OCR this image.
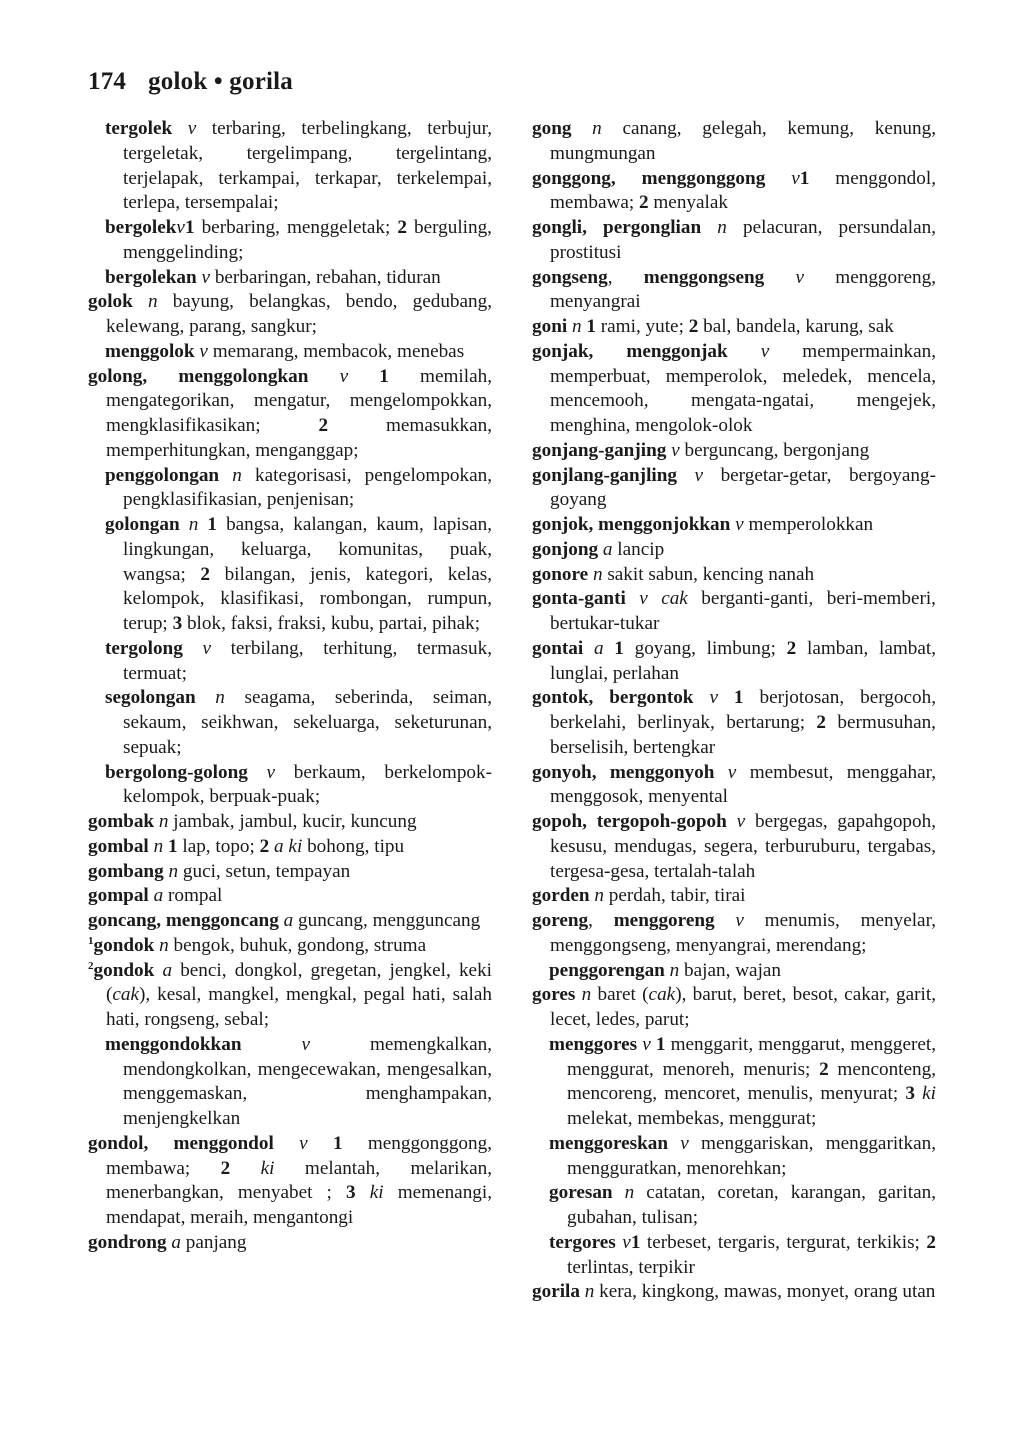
174 golok • gorila

tergolek v terbaring, terbelingkang, terbujur, tergeletak, tergelimpang, tergelintang, terjelapak, terkampai, terkapar, terkelempai, terlepa, tersempalai;

bergolekv1 berbaring, menggeletak; 2 berguling, menggelinding;

bergolekan v berbaringan, rebahan, tiduran

golok n bayung, belangkas, bendo, gedubang, kelewang, parang, sangkur;

menggolok v memarang, membacok, menebas

golong, menggolongkan v 1 memilah, mengategorikan, mengatur, mengelompokkan, mengklasifikasikan; 2 memasukkan, memperhitungkan, menganggap;

penggolongan n kategorisasi, pengelompokan, pengklasifikasian, penjenisan;

golongan n 1 bangsa, kalangan, kaum, lapisan, lingkungan, keluarga, komunitas, puak, wangsa; 2 bilangan, jenis, kategori, kelas, kelompok, klasifikasi, rombongan, rumpun, terup; 3 blok, faksi, fraksi, kubu, partai, pihak;

tergolong v terbilang, terhitung, termasuk, termuat;

segolongan n seagama, seberinda, seiman, sekaum, seikhwan, sekeluarga, seketurunan, sepuak;

bergolong-golong v berkaum, berkelompok-kelompok, berpuak-puak;

gombak n jambak, jambul, kucir, kuncung

gombal n 1 lap, topo; 2 a ki bohong, tipu

gombang n guci, setun, tempayan

gompal a rompal

goncang, menggoncang a guncang, mengguncang

$^1$gondok n bengok, buhuk, gondong, struma

$^2$gondok a benci, dongkol, gregetan, jengkel, keki (cak), kesal, mangkel, mengkal, pegal hati, salah hati, rongseng, sebal;

menggondokkan	v memengkalkan, mendongkolkan, mengecewakan, mengesalkan, menggemaskan, menghampakan, menjengkelkan

gondol, menggondol v 1 menggonggong, membawa; 2 ki melantah, melarikan, menerbangkan, menyabet ; 3 ki memenangi, mendapat, meraih, mengantongi

gondrong a panjang

gong n canang, gelegah, kemung, kenung, mungmungan

gonggong, menggonggong v1 menggondol, membawa; 2 menyalak

gongli, pergonglian n pelacuran, persundalan, prostitusi

gongseng, menggongseng v menggoreng, menyangrai

goni n 1 rami, yute; 2 bal, bandela, karung, sak

gonjak, menggonjak v mempermainkan, memperbuat, memperolok, meledek, mencela, mencemooh, mengata-ngatai, mengejek, menghina, mengolok-olok

gonjang-ganjing v berguncang, bergonjang

gonjlang-ganjling v bergetar-getar, bergoyang-goyang

gonjok, menggonjokkan v memperolokkan

gonjong a lancip

gonore n sakit sabun, kencing nanah

gonta-ganti v cak berganti-ganti, beri-memberi, bertukar-tukar

gontai a 1 goyang, limbung; 2 lamban, lambat, lunglai, perlahan

gontok, bergontok v 1 berjotosan, bergocoh, berkelahi, berlinyak, bertarung; 2 bermusuhan, berselisih, bertengkar

gonyoh, menggonyoh v membesut, menggahar, menggosok, menyental

gopoh, tergopoh-gopoh v bergegas, gapahgopoh, kesusu, mendugas, segera, terburuburu, tergabas, tergesa-gesa, tertalah-talah

gorden n perdah, tabir, tirai

goreng, menggoreng v menumis, menyelar, menggongseng, menyangrai, merendang;

penggorengan n bajan, wajan

gores n baret (cak), barut, beret, besot, cakar, garit, lecet, ledes, parut;

menggores v 1 menggarit, menggarut, menggeret, menggurat, menoreh, menuris; 2 menconteng, mencoreng, mencoret, menulis, menyurat; 3 ki melekat, membekas, menggurat;

menggoreskan v menggariskan, menggaritkan, mengguratkan, menorehkan;

goresan n catatan, coretan, karangan, garitan, gubahan, tulisan;

tergores v1 terbeset, tergaris, tergurat, terkikis; 2 terlintas, terpikir

gorila n kera, kingkong, mawas, monyet, orang utan
